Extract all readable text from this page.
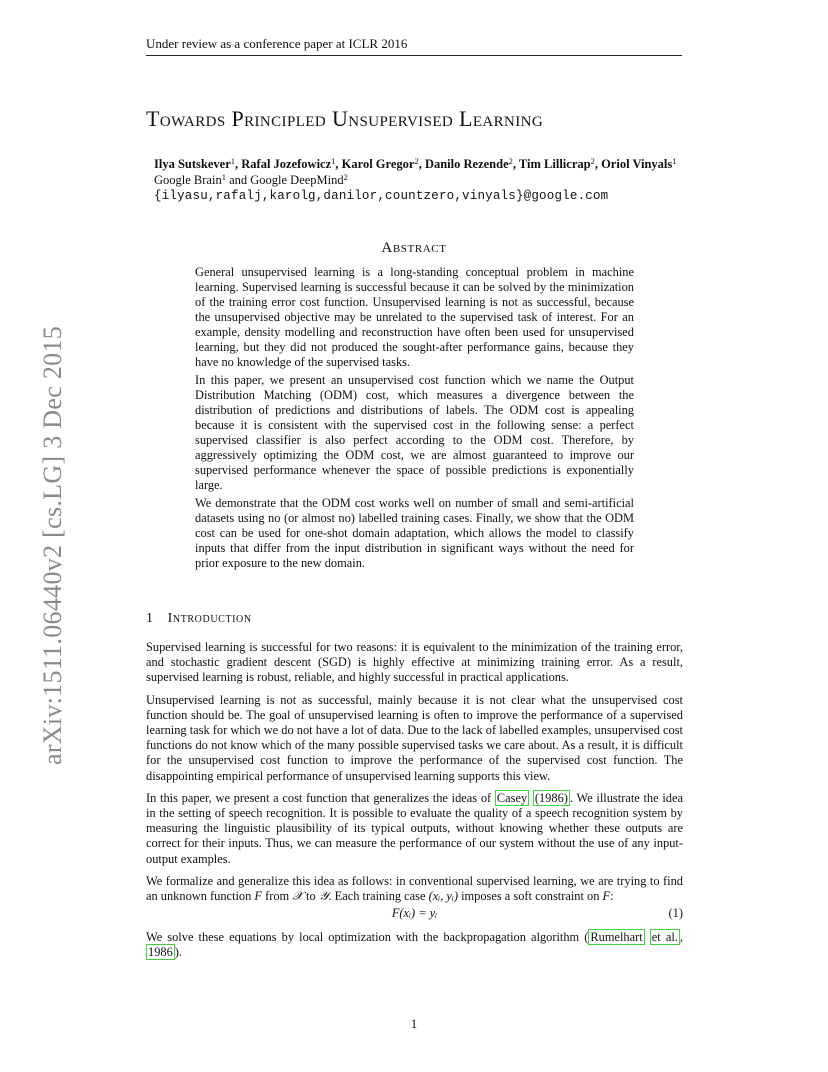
Under review as a conference paper at ICLR 2016
arXiv:1511.06440v2 [cs.LG] 3 Dec 2015
Towards Principled Unsupervised Learning
Ilya Sutskever$^1$, Rafal Jozefowicz$^1$, Karol Gregor$^2$, Danilo Rezende$^2$, Tim Lillicrap$^2$, Oriol Vinyals$^1$
Google Brain$^1$ and Google DeepMind$^2$
{ilyasu,rafalj,karolg,danilor,countzero,vinyals}@google.com
Abstract

General unsupervised learning is a long-standing conceptual problem in machine learning. Supervised learning is successful because it can be solved by the minimization of the training error cost function. Unsupervised learning is not as successful, because the unsupervised objective may be unrelated to the supervised task of interest. For an example, density modelling and reconstruction have often been used for unsupervised learning, but they did not produced the sought-after performance gains, because they have no knowledge of the supervised tasks.

In this paper, we present an unsupervised cost function which we name the Output Distribution Matching (ODM) cost, which measures a divergence between the distribution of predictions and distributions of labels. The ODM cost is appealing because it is consistent with the supervised cost in the following sense: a perfect supervised classifier is also perfect according to the ODM cost. Therefore, by aggressively optimizing the ODM cost, we are almost guaranteed to improve our supervised performance whenever the space of possible predictions is exponentially large.

We demonstrate that the ODM cost works well on number of small and semi-artificial datasets using no (or almost no) labelled training cases. Finally, we show that the ODM cost can be used for one-shot domain adaptation, which allows the model to classify inputs that differ from the input distribution in significant ways without the need for prior exposure to the new domain.

1 Introduction

Supervised learning is successful for two reasons: it is equivalent to the minimization of the training error, and stochastic gradient descent (SGD) is highly effective at minimizing training error. As a result, supervised learning is robust, reliable, and highly successful in practical applications.

Unsupervised learning is not as successful, mainly because it is not clear what the unsupervised cost function should be. The goal of unsupervised learning is often to improve the performance of a supervised learning task for which we do not have a lot of data. Due to the lack of labelled examples, unsupervised cost functions do not know which of the many possible supervised tasks we care about. As a result, it is difficult for the unsupervised cost function to improve the performance of the supervised cost function. The disappointing empirical performance of unsupervised learning supports this view.

In this paper, we present a cost function that generalizes the ideas of Casey (1986) . We illustrate the idea in the setting of speech recognition. It is possible to evaluate the quality of a speech recognition system by measuring the linguistic plausibility of its typical outputs, without knowing whether these outputs are correct for their inputs. Thus, we can measure the performance of our system without the use of any input-output examples.

We formalize and generalize this idea as follows: in conventional supervised learning, we are trying to find an unknown function F from 𝒳 to 𝒴. Each training case (xᵢ, yᵢ) imposes a soft constraint on F:

F(xᵢ) = yᵢ	(1)

We solve these equations by local optimization with the backpropagation algorithm ( Rumelhart et al. , 1986 ).

1
